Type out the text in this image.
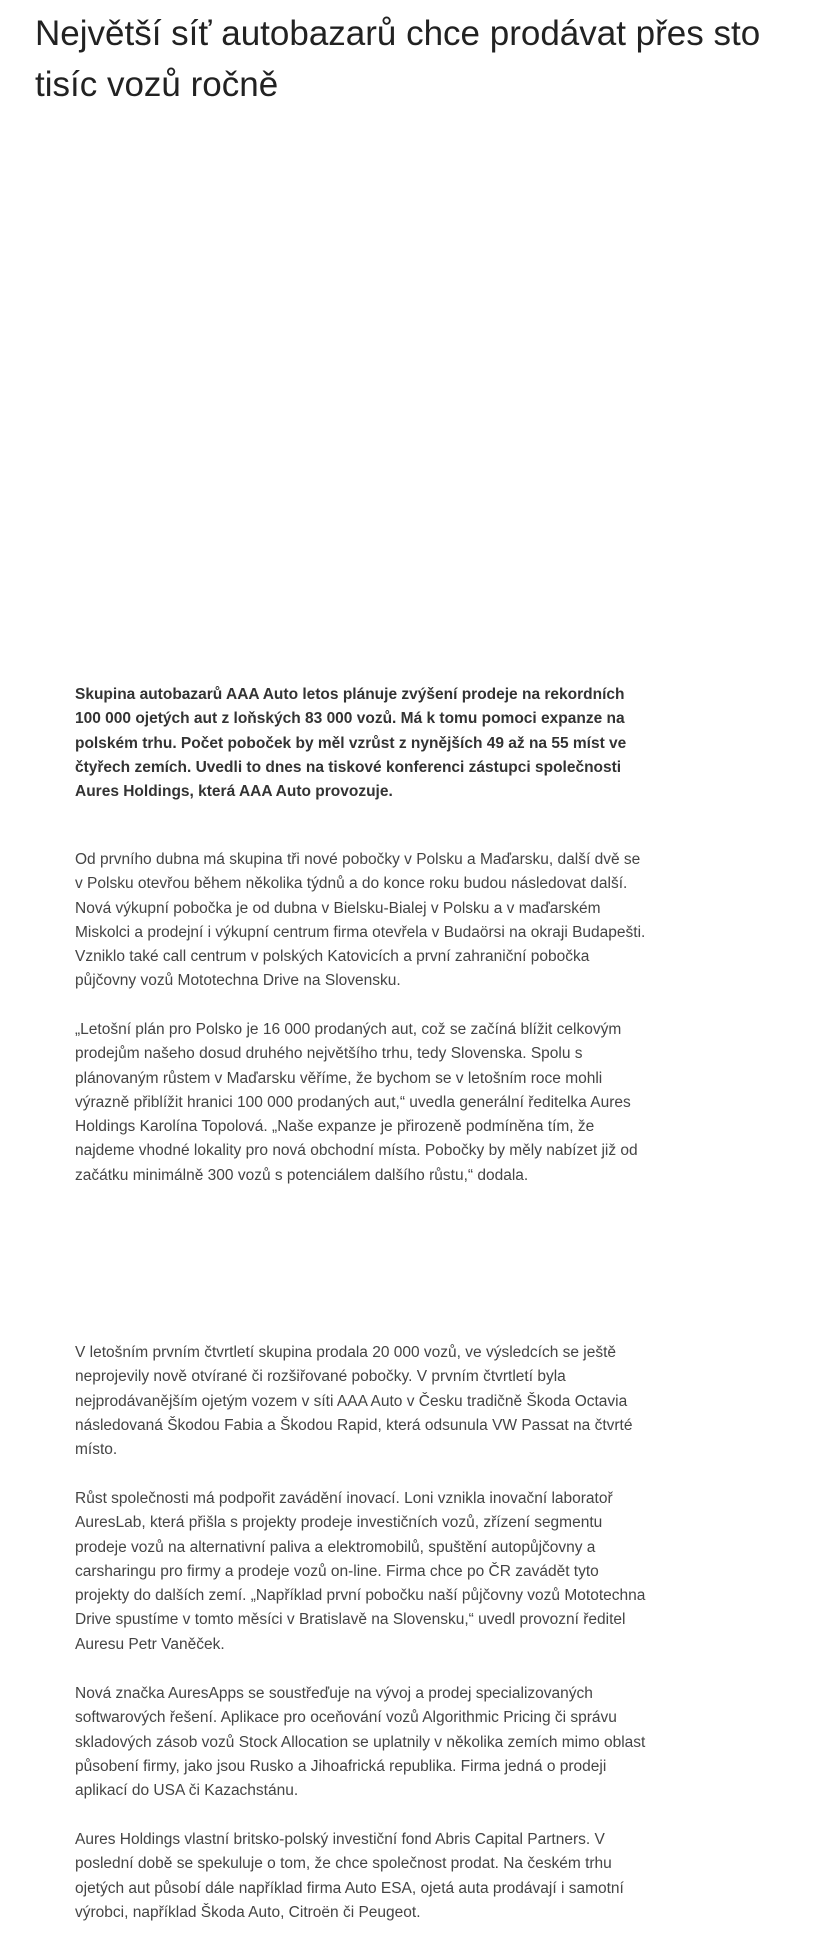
Největší síť autobazarů chce prodávat přes sto tisíc vozů ročně

Skupina autobazarů AAA Auto letos plánuje zvýšení prodeje na rekordních 100 000 ojetých aut z loňských 83 000 vozů. Má k tomu pomoci expanze na polském trhu. Počet poboček by měl vzrůst z nynějších 49 až na 55 míst ve čtyřech zemích. Uvedli to dnes na tiskové konferenci zástupci společnosti Aures Holdings, která AAA Auto provozuje.

Od prvního dubna má skupina tři nové pobočky v Polsku a Maďarsku, další dvě se v Polsku otevřou během několika týdnů a do konce roku budou následovat další. Nová výkupní pobočka je od dubna v Bielsku-Bialej v Polsku a v maďarském Miskolci a prodejní i výkupní centrum firma otevřela v Budaörsi na okraji Budapešti. Vzniklo také call centrum v polských Katovicích a první zahraniční pobočka půjčovny vozů Mototechna Drive na Slovensku.

„Letošní plán pro Polsko je 16 000 prodaných aut, což se začíná blížit celkovým prodejům našeho dosud druhého největšího trhu, tedy Slovenska. Spolu s plánovaným růstem v Maďarsku věříme, že bychom se v letošním roce mohli výrazně přiblížit hranici 100 000 prodaných aut,“ uvedla generální ředitelka Aures Holdings Karolína Topolová. „Naše expanze je přirozeně podmíněna tím, že najdeme vhodné lokality pro nová obchodní místa. Pobočky by měly nabízet již od začátku minimálně 300 vozů s potenciálem dalšího růstu,“ dodala.

V letošním prvním čtvrtletí skupina prodala 20 000 vozů, ve výsledcích se ještě neprojevily nově otvírané či rozšiřované pobočky. V prvním čtvrtletí byla nejprodávanějším ojetým vozem v síti AAA Auto v Česku tradičně Škoda Octavia následovaná Škodou Fabia a Škodou Rapid, která odsunula VW Passat na čtvrté místo.

Růst společnosti má podpořit zavádění inovací. Loni vznikla inovační laboratoř AuresLab, která přišla s projekty prodeje investičních vozů, zřízení segmentu prodeje vozů na alternativní paliva a elektromobilů, spuštění autopůjčovny a carsharingu pro firmy a prodeje vozů on-line. Firma chce po ČR zavádět tyto projekty do dalších zemí. „Například první pobočku naší půjčovny vozů Mototechna Drive spustíme v tomto měsíci v Bratislavě na Slovensku,“ uvedl provozní ředitel Auresu Petr Vaněček.

Nová značka AuresApps se soustřeďuje na vývoj a prodej specializovaných softwarových řešení. Aplikace pro oceňování vozů Algorithmic Pricing či správu skladových zásob vozů Stock Allocation se uplatnily v několika zemích mimo oblast působení firmy, jako jsou Rusko a Jihoafrická republika. Firma jedná o prodeji aplikací do USA či Kazachstánu.

Aures Holdings vlastní britsko-polský investiční fond Abris Capital Partners. V poslední době se spekuluje o tom, že chce společnost prodat. Na českém trhu ojetých aut působí dále například firma Auto ESA, ojetá auta prodávají i samotní výrobci, například Škoda Auto, Citroën či Peugeot.
